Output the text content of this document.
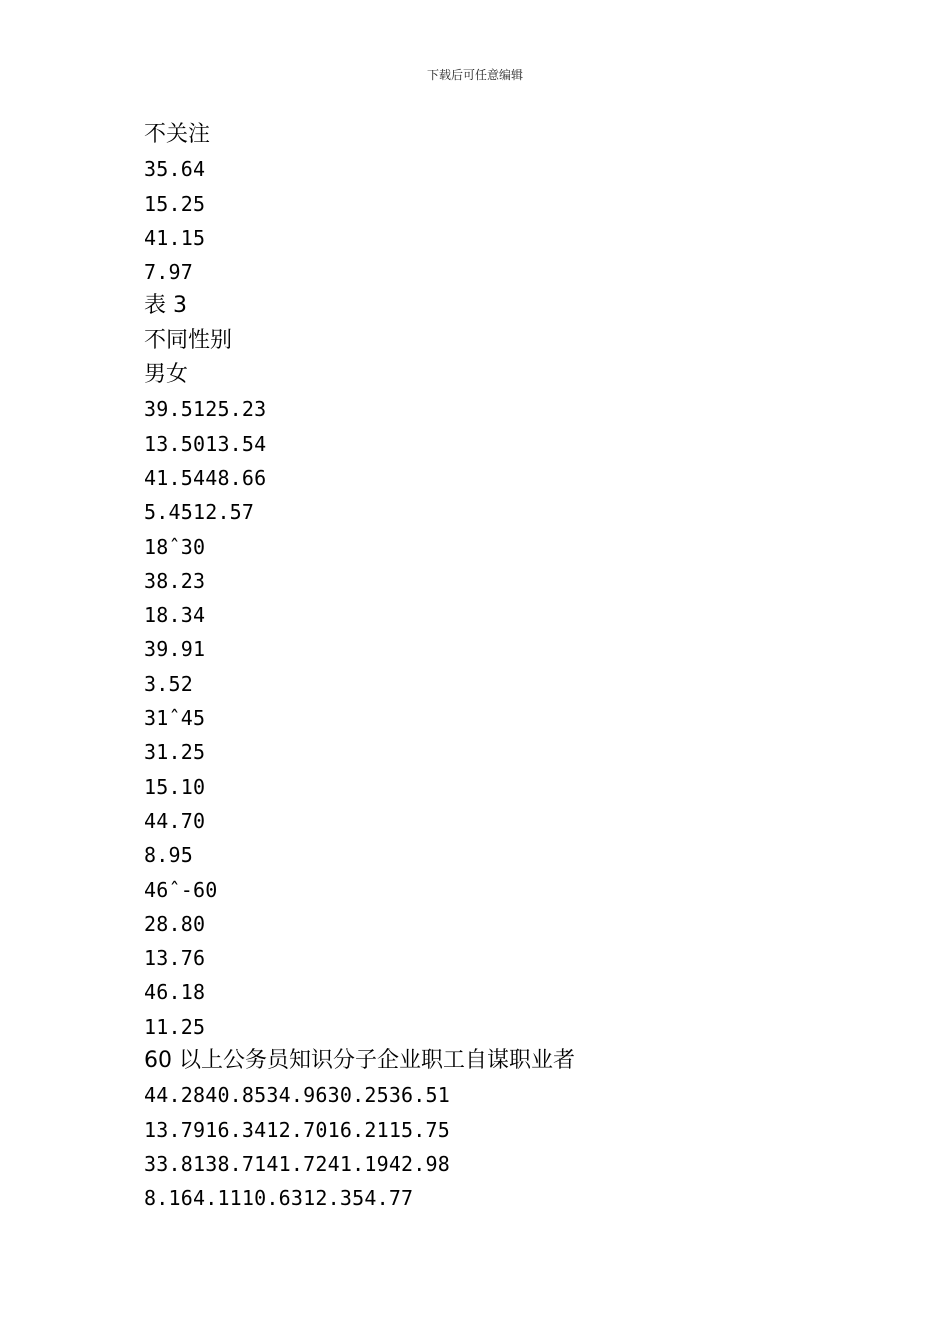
下载后可任意编辑
不关注
35.64
15.25
41.15
7.97
表 3
不同性别
男女
39.5125.23
13.5013.54
41.5448.66
5.4512.57
18ˆ30
38.23
18.34
39.91
3.52
31ˆ45
31.25
15.10
44.70
8.95
46ˆ-60
28.80
13.76
46.18
11.25
60 以上公务员知识分子企业职工自谋职业者
44.2840.8534.9630.2536.51
13.7916.3412.7016.2115.75
33.8138.7141.7241.1942.98
8.164.1110.6312.354.77
